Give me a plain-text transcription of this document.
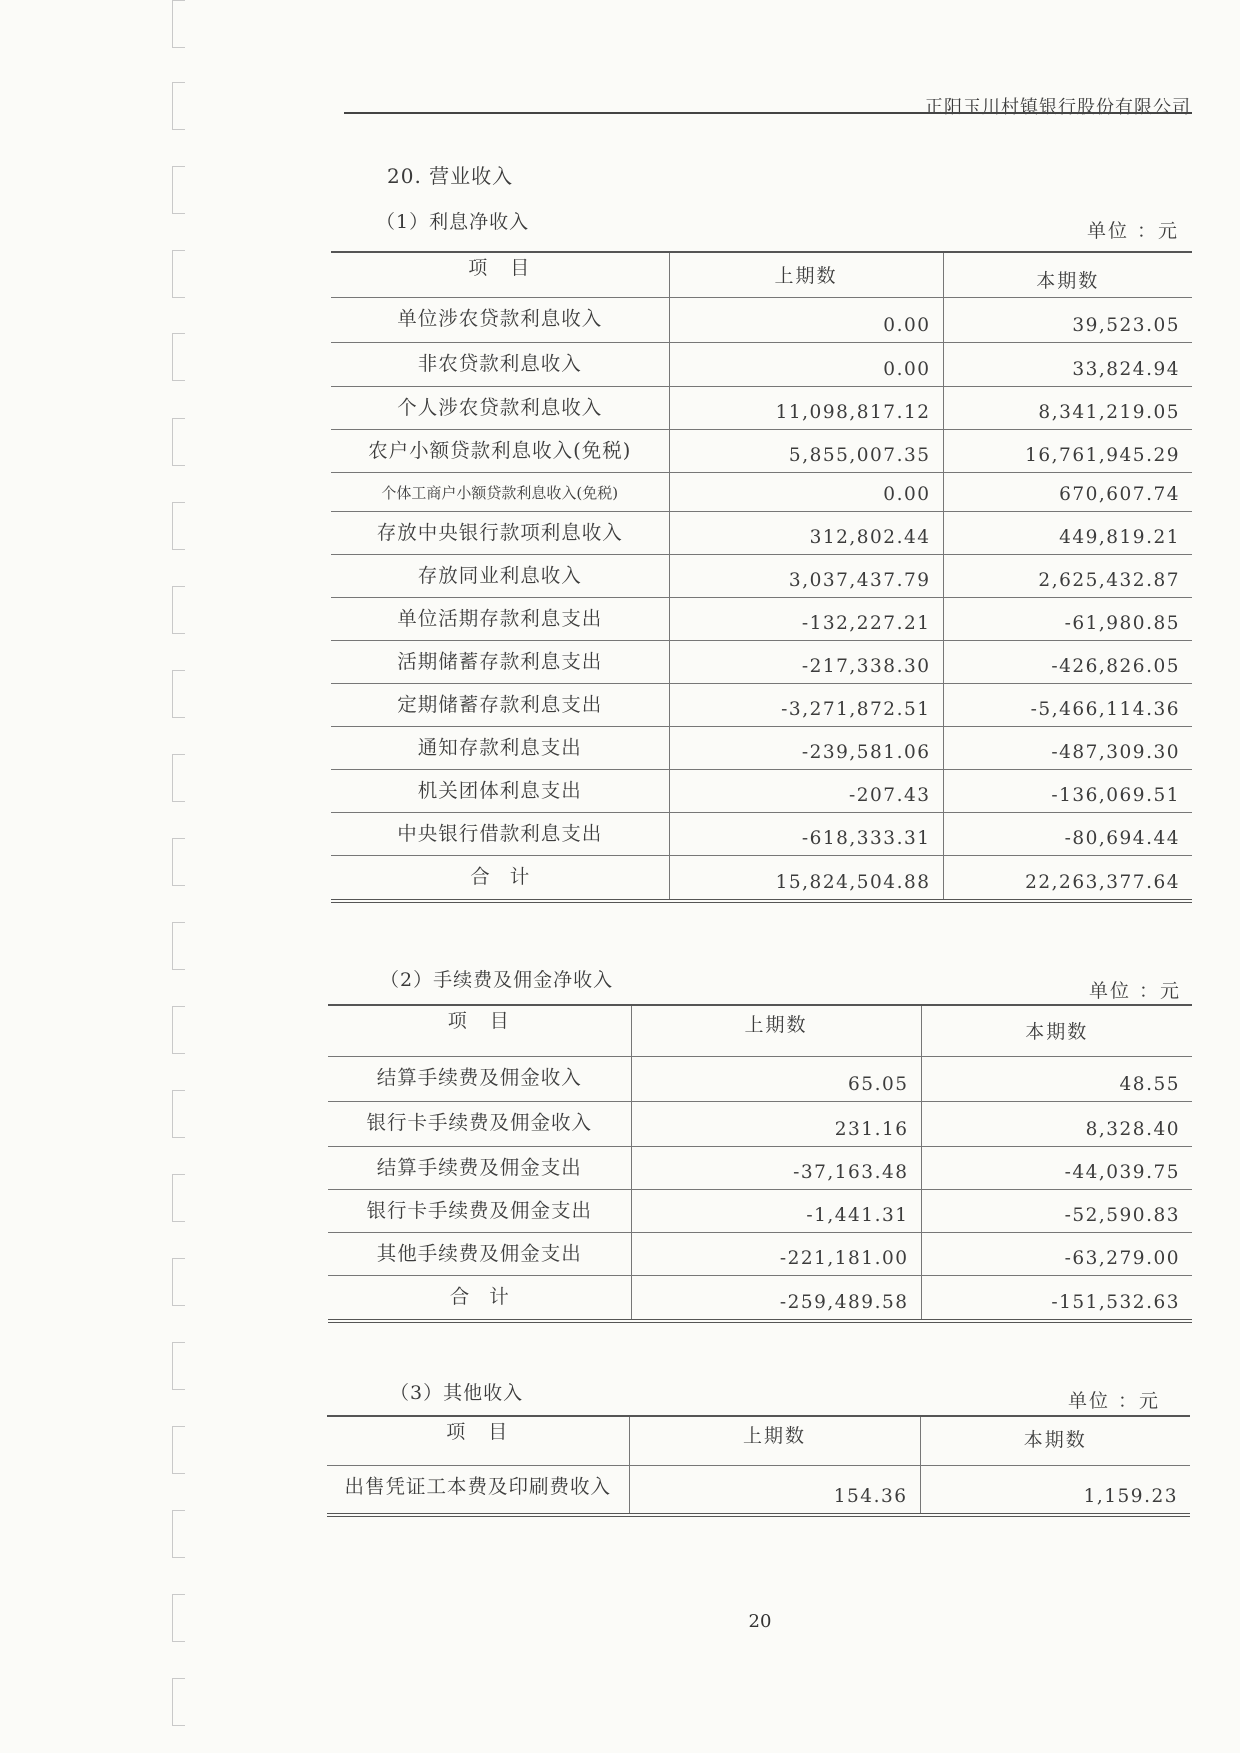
正阳玉川村镇银行股份有限公司
20. 营业收入
（1）利息净收入	单位 ：元
项　目	上期数	本期数
单位涉农贷款利息收入	0.00	39,523.05
非农贷款利息收入	0.00	33,824.94
个人涉农贷款利息收入	11,098,817.12	8,341,219.05
农户小额贷款利息收入(免税)	5,855,007.35	16,761,945.29
个体工商户小额贷款利息收入(免税)	0.00	670,607.74
存放中央银行款项利息收入	312,802.44	449,819.21
存放同业利息收入	3,037,437.79	2,625,432.87
单位活期存款利息支出	-132,227.21	-61,980.85
活期储蓄存款利息支出	-217,338.30	-426,826.05
定期储蓄存款利息支出	-3,271,872.51	-5,466,114.36
通知存款利息支出	-239,581.06	-487,309.30
机关团体利息支出	-207.43	-136,069.51
中央银行借款利息支出	-618,333.31	-80,694.44
合计	15,824,504.88	22,263,377.64
（2）手续费及佣金净收入	单位 ：元
项　目	上期数	本期数
结算手续费及佣金收入	65.05	48.55
银行卡手续费及佣金收入	231.16	8,328.40
结算手续费及佣金支出	-37,163.48	-44,039.75
银行卡手续费及佣金支出	-1,441.31	-52,590.83
其他手续费及佣金支出	-221,181.00	-63,279.00
合计	-259,489.58	-151,532.63
（3）其他收入	单位 ：元
项　目	上期数	本期数
出售凭证工本费及印刷费收入	154.36	1,159.23
20
